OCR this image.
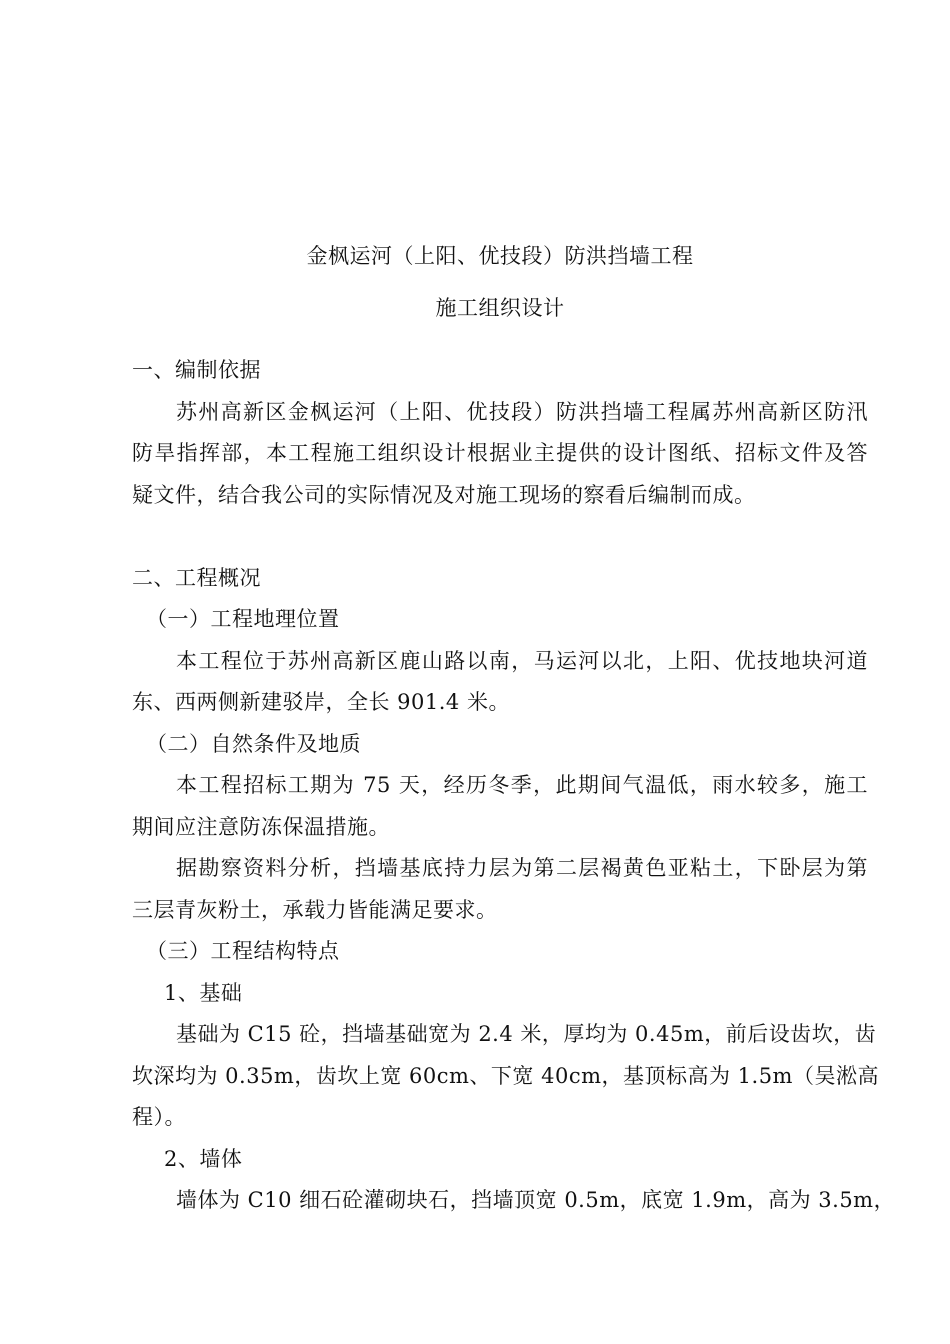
金枫运河（上阳、优技段）防洪挡墙工程
施工组织设计
一、编制依据
苏州高新区金枫运河（上阳、优技段）防洪挡墙工程属苏州高新区防汛
防旱指挥部，本工程施工组织设计根据业主提供的设计图纸、招标文件及答
疑文件，结合我公司的实际情况及对施工现场的察看后编制而成。
二、工程概况
（一）工程地理位置
本工程位于苏州高新区鹿山路以南，马运河以北，上阳、优技地块河道
东、西两侧新建驳岸，全长 901.4 米。
（二）自然条件及地质
本工程招标工期为 75 天，经历冬季，此期间气温低，雨水较多，施工
期间应注意防冻保温措施。
据勘察资料分析，挡墙基底持力层为第二层褐黄色亚粘土，下卧层为第
三层青灰粉土，承载力皆能满足要求。
（三）工程结构特点
1、基础
基础为 C15 砼，挡墙基础宽为 2.4 米，厚均为 0.45m，前后设齿坎，齿
坎深均为 0.35m，齿坎上宽 60cm、下宽 40cm，基顶标高为 1.5m（吴淞高
程）。
2、墙体
墙体为 C10 细石砼灌砌块石，挡墙顶宽 0.5m，底宽 1.9m，高为 3.5m，
